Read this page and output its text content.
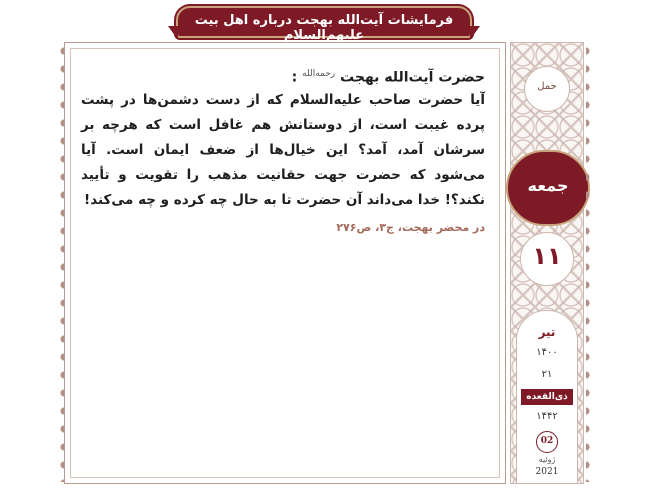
حضرت آیت‌الله بهجت $^{رحمه‌الله}$ :
آیا حضرت صاحب علیه‌السلام که از دست دشمن‌ها در پشت پرده غیبت است، از دوستانش هم غافل است که هرچه بر سرشان آمد، آمد؟ این خیال‌ها از ضعف ایمان است. آیا می‌شود که حضرت جهت حقانیت مذهب را تقویت و تأیید نکند؟! خدا می‌داند آن حضرت تا به حال چه کرده و چه می‌کند!
در محضر بهجت، ج۳، ص۲۷۶
حمل
جمعه
۱۱
تیر
۱۴۰۰
۲۱
ذی‌القعده
۱۴۴۲
02
ژوئیه
2021
فرمایشات آیت‌الله بهجت درباره اهل بیت علیهم‌السلام
